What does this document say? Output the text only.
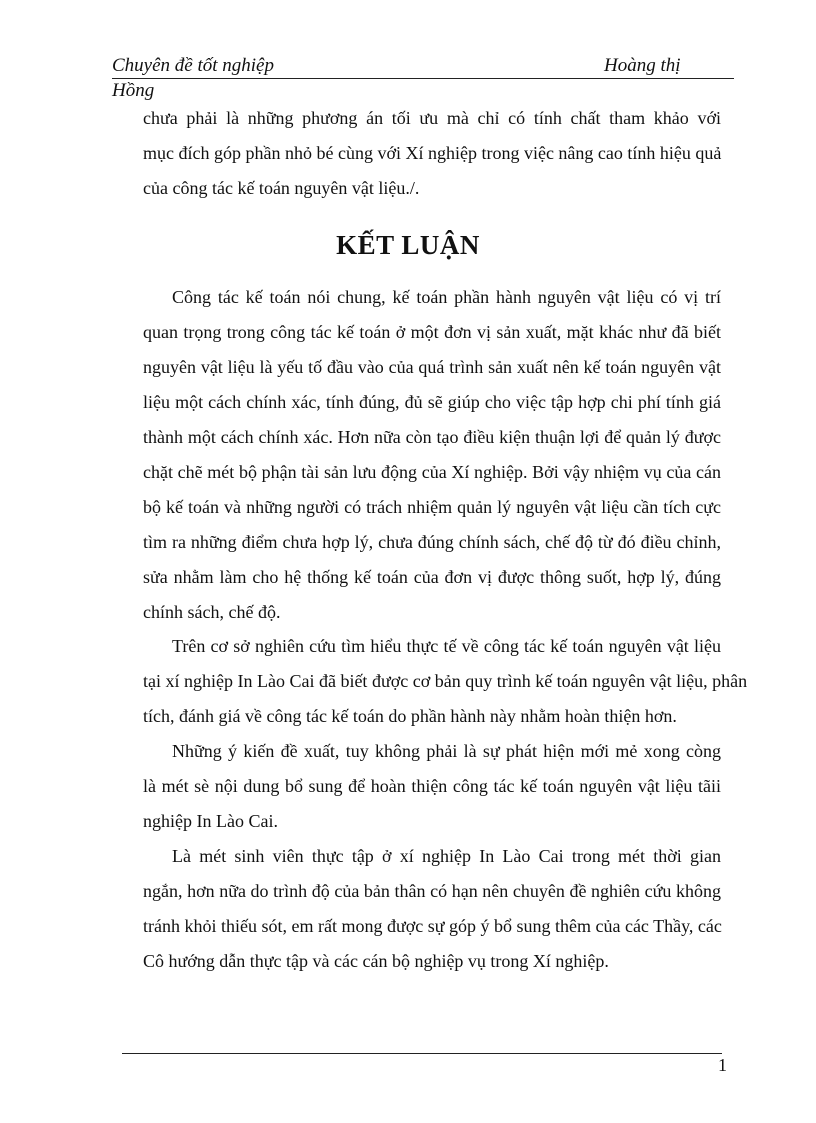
Chuyên đề tốt nghiệp	Hoàng thị
Hồng
chưa phải là những phương án tối ưu mà chỉ có tính chất tham khảo với
mục đích góp phần nhỏ bé cùng với Xí nghiệp trong việc nâng cao tính hiệu quả
của công tác kế toán nguyên vật liệu./.
KẾT LUẬN
Công tác kế toán nói chung, kế toán phần hành nguyên vật liệu có vị trí
quan trọng trong công tác kế toán ở một đơn vị sản xuất, mặt khác như đã biết
nguyên vật liệu là yếu tố đầu vào của quá trình sản xuất nên kế toán nguyên vật
liệu một cách chính xác, tính đúng, đủ sẽ giúp cho việc tập hợp chi phí tính giá
thành một cách chính xác. Hơn nữa còn tạo điều kiện thuận lợi để quản lý được
chặt chẽ mét bộ phận tài sản lưu động của Xí nghiệp. Bởi vậy nhiệm vụ của cán
bộ kế toán và những người có trách nhiệm quản lý nguyên vật liệu cần tích cực
tìm ra những điểm chưa hợp lý, chưa đúng chính sách, chế độ từ đó điều chỉnh,
sửa nhằm làm cho hệ thống kế toán của đơn vị được thông suốt, hợp lý, đúng
chính sách, chế độ.
Trên cơ sở nghiên cứu tìm hiểu thực tế về công tác kế toán nguyên vật liệu
tại xí nghiệp In Lào Cai đã biết được cơ bản quy trình kế toán nguyên vật liệu, phân
tích, đánh giá về công tác kế toán do phần hành này nhằm hoàn thiện hơn.
Những ý kiến đề xuất, tuy không phải là sự phát hiện mới mẻ xong còng
là mét sè nội dung bổ sung để hoàn thiện công tác kế toán nguyên vật liệu tãii
nghiệp In Lào Cai.
Là mét sinh viên thực tập ở xí nghiệp In Lào Cai trong mét thời gian
ngắn, hơn nữa do trình độ của bản thân có hạn nên chuyên đề nghiên cứu không
tránh khỏi thiếu sót, em rất mong được sự góp ý bổ sung thêm của các Thầy, các
Cô hướng dẫn thực tập và các cán bộ nghiệp vụ trong Xí nghiệp.
1
